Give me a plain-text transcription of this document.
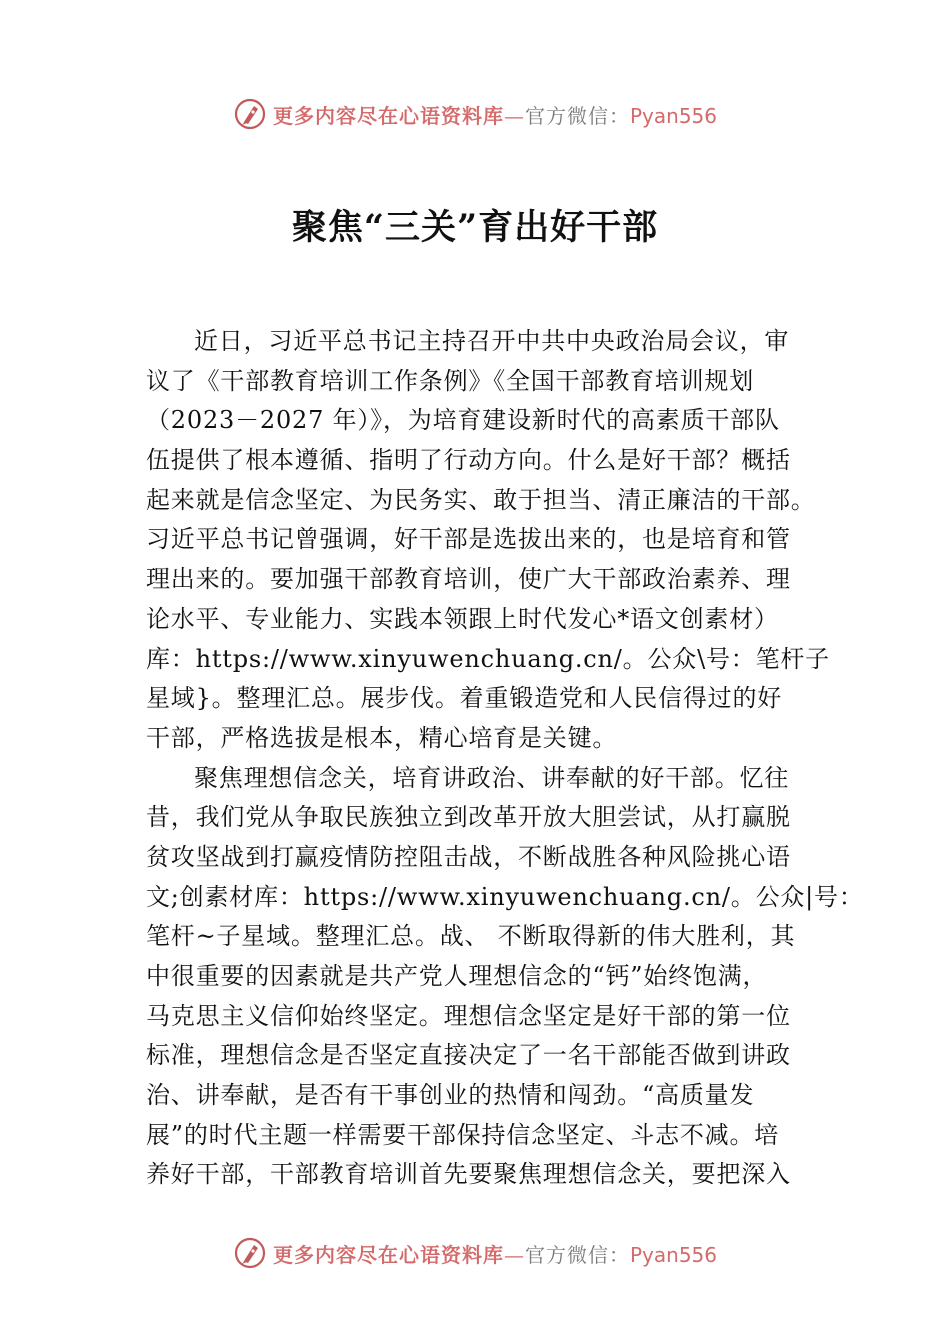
更多内容尽在心语资料库—官方微信：Pyan556
聚焦“三关”育出好干部
近日，习近平总书记主持召开中共中央政治局会议，审
议了《干部教育培训工作条例》《全国干部教育培训规划
（2023－2027 年）》，为培育建设新时代的高素质干部队
伍提供了根本遵循、指明了行动方向。什么是好干部？概括
起来就是信念坚定、为民务实、敢于担当、清正廉洁的干部。
习近平总书记曾强调，好干部是选拔出来的，也是培育和管
理出来的。要加强干部教育培训，使广大干部政治素养、理
论水平、专业能力、实践本领跟上时代发心*语文创素材）
库：https://www.xinyuwenchuang.cn/。公众\号：笔杆子
星域}。整理汇总。展步伐。着重锻造党和人民信得过的好
干部，严格选拔是根本，精心培育是关键。
聚焦理想信念关，培育讲政治、讲奉献的好干部。忆往
昔，我们党从争取民族独立到改革开放大胆尝试，从打赢脱
贫攻坚战到打赢疫情防控阻击战，不断战胜各种风险挑心语
文;创素材库：https://www.xinyuwenchuang.cn/。公众|号：
笔杆~子星域。整理汇总。战、 不断取得新的伟大胜利，其
中很重要的因素就是共产党人理想信念的“钙”始终饱满，
马克思主义信仰始终坚定。理想信念坚定是好干部的第一位
标准，理想信念是否坚定直接决定了一名干部能否做到讲政
治、讲奉献，是否有干事创业的热情和闯劲。“高质量发
展”的时代主题一样需要干部保持信念坚定、斗志不减。培
养好干部，干部教育培训首先要聚焦理想信念关，要把深入
更多内容尽在心语资料库—官方微信：Pyan556
